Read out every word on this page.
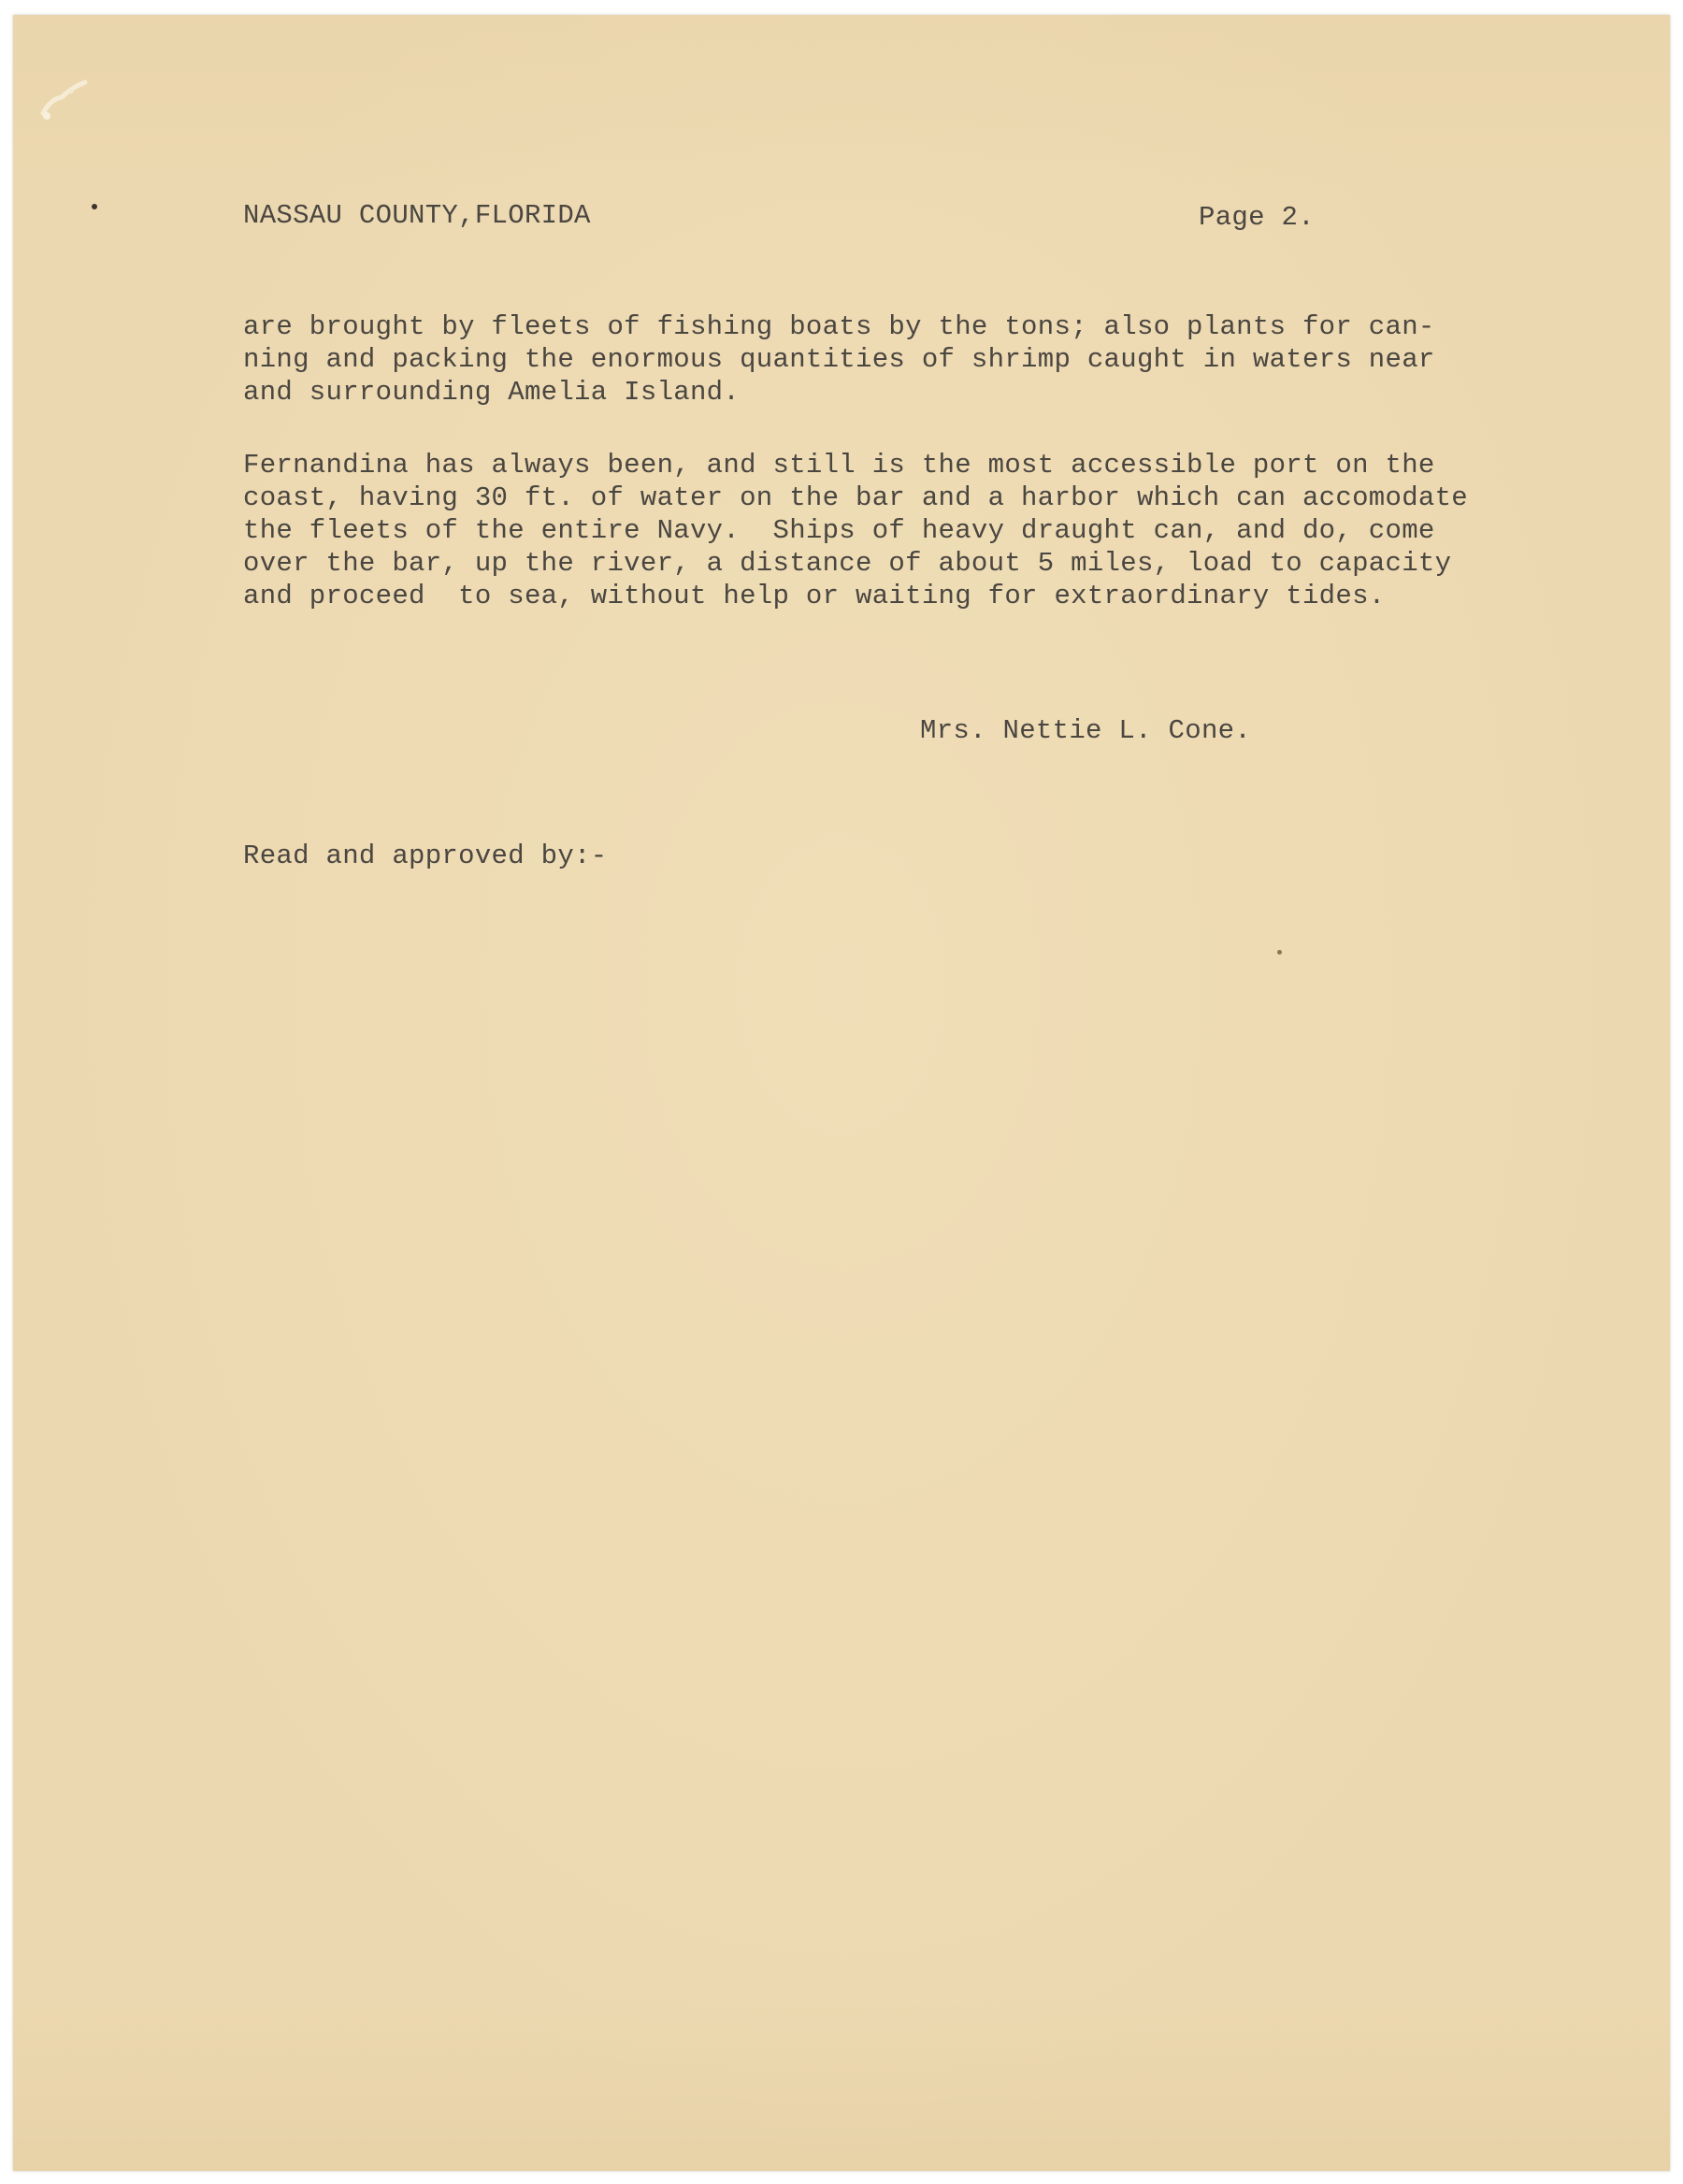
NASSAU COUNTY,FLORIDA	Page 2.
are brought by fleets of fishing boats by the tons; also plants for can-
ning and packing the enormous quantities of shrimp caught in waters near
and surrounding Amelia Island.
Fernandina has always been, and still is the most accessible port on the
coast, having 30 ft. of water on the bar and a harbor which can accomodate
the fleets of the entire Navy.  Ships of heavy draught can, and do, come
over the bar, up the river, a distance of about 5 miles, load to capacity
and proceed  to sea, without help or waiting for extraordinary tides.
Mrs. Nettie L. Cone.
Read and approved by:-
